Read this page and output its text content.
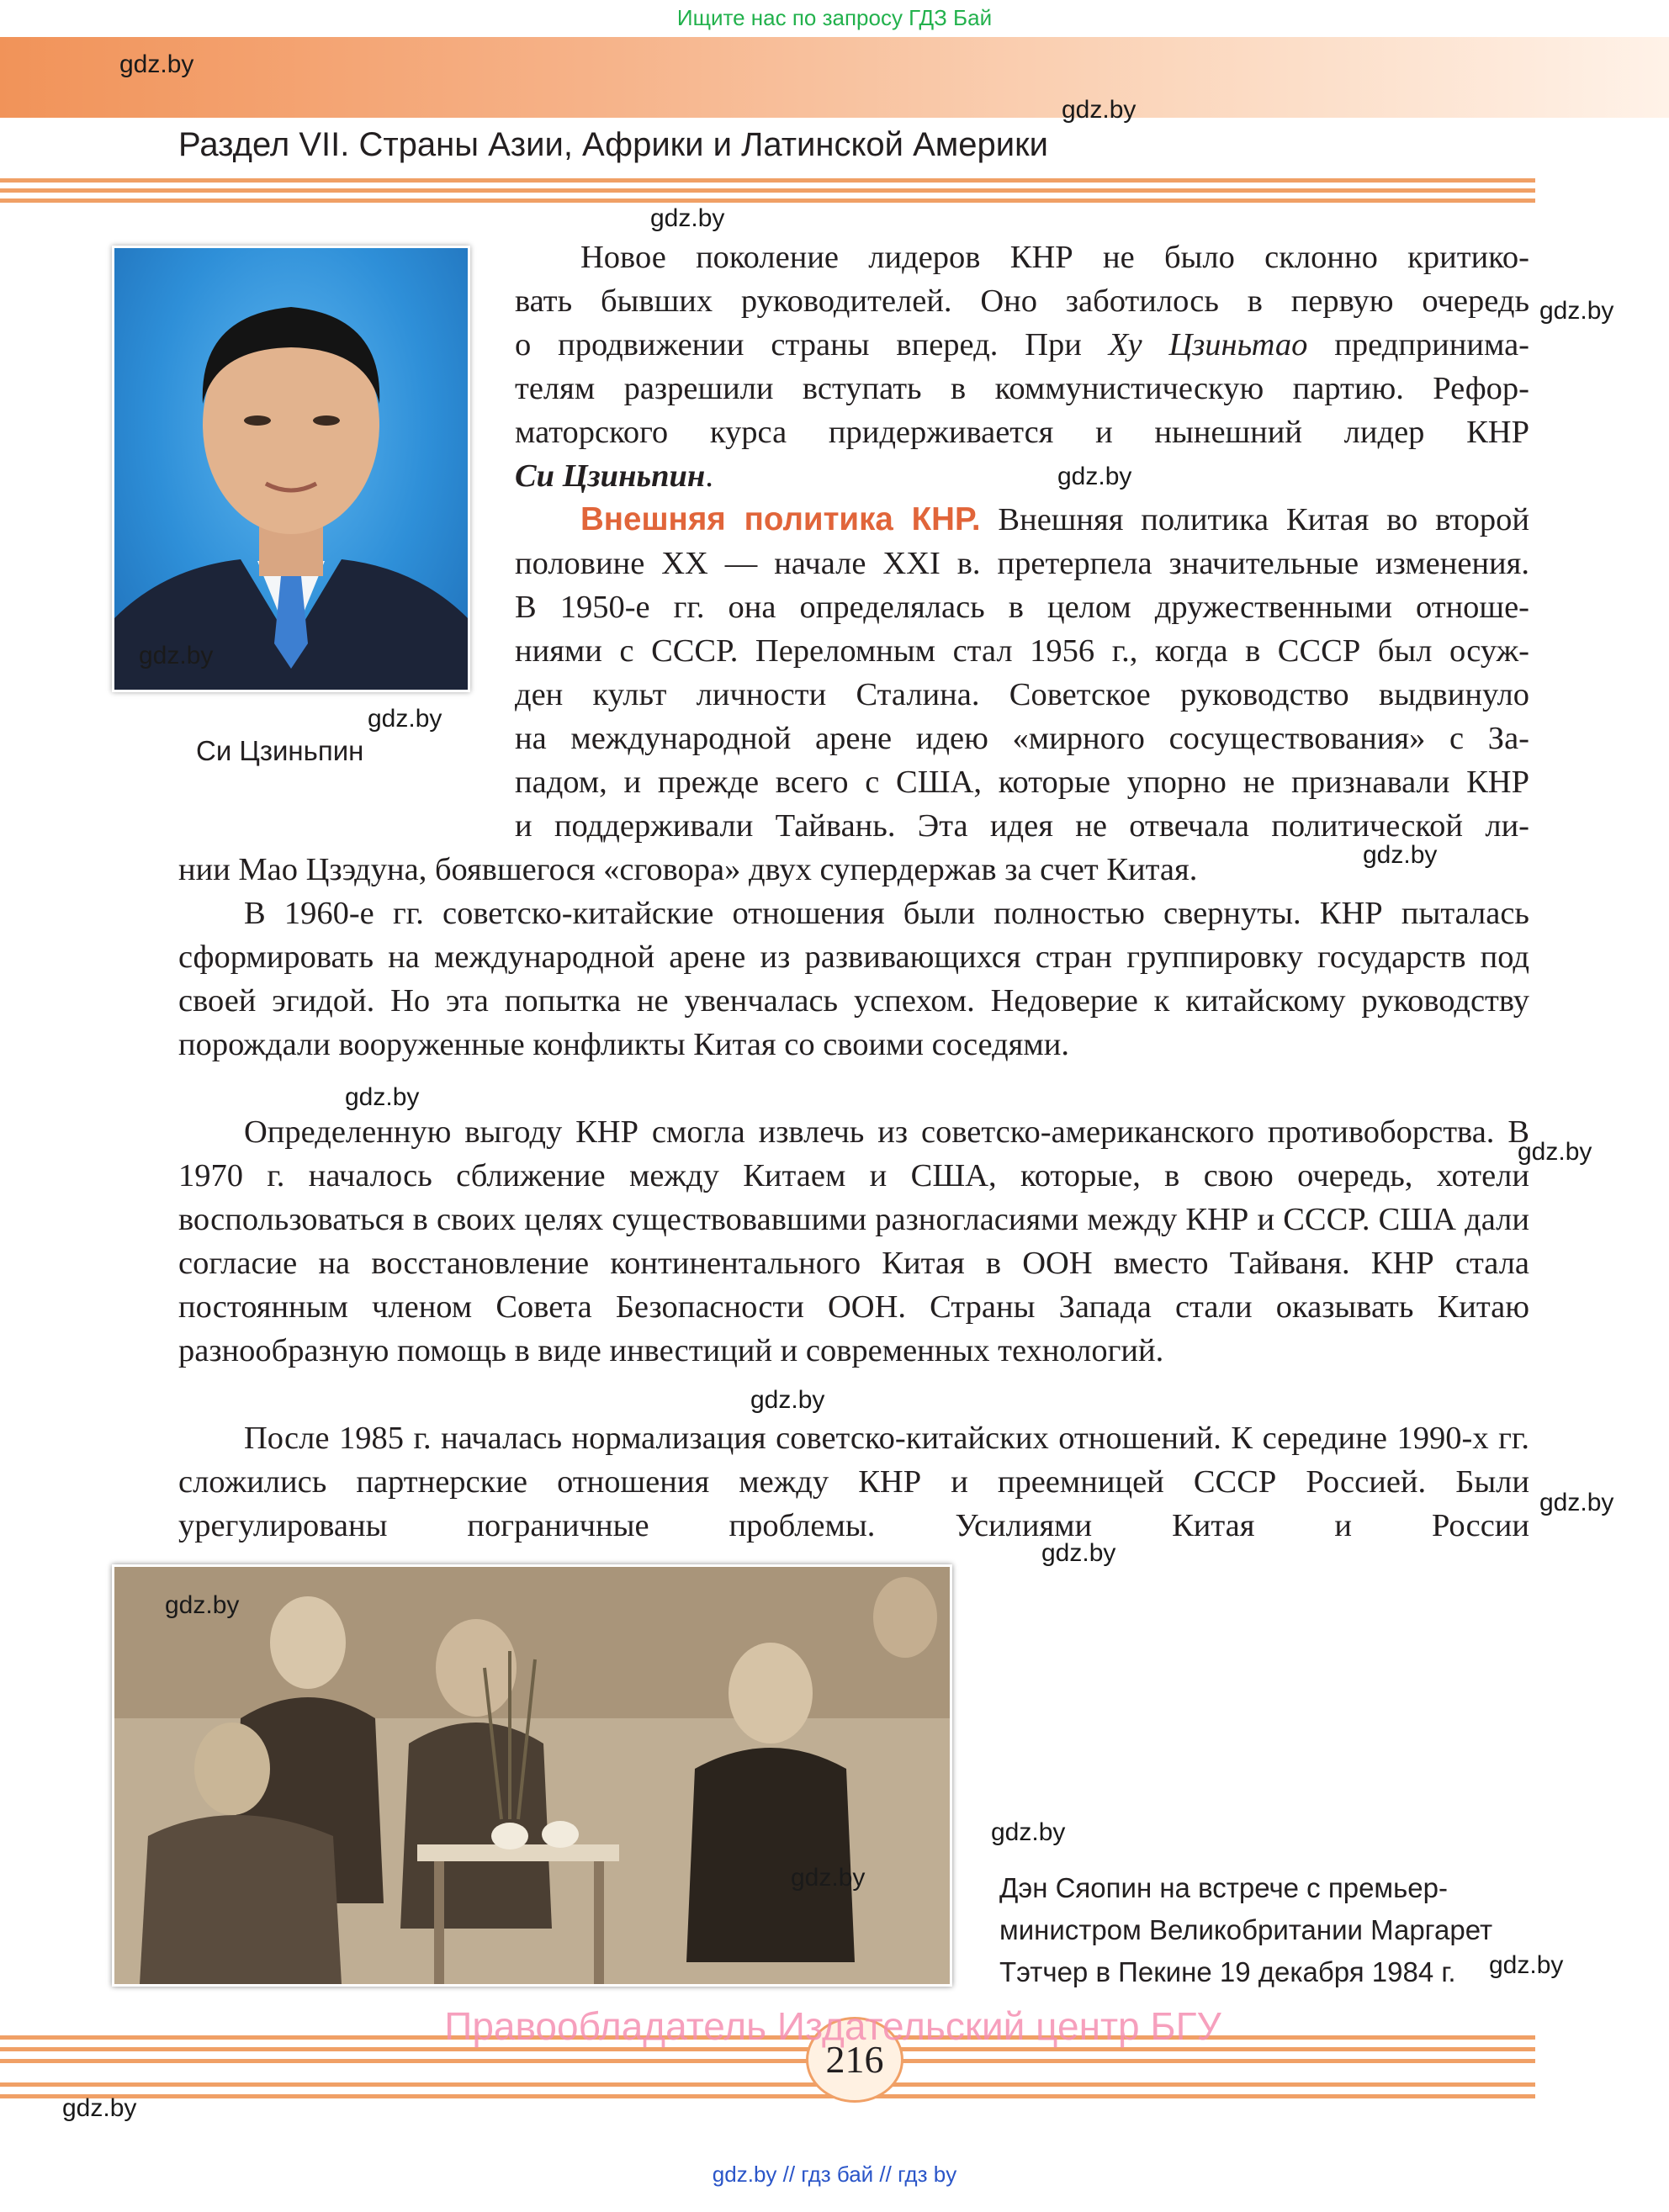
Ищите нас по запросу ГДЗ Бай
Раздел VII. Страны Азии, Африки и Латинской Америки
Си Цзиньпин

Новое поколение лидеров КНР не было склонно критико-

вать бывших руководителей. Оно заботилось в первую очередь

о продвижении страны вперед. При Ху Цзиньтао предпринима-

телям разрешили вступать в коммунистическую партию. Рефор-

маторского курса придерживается и нынешний лидер КНР

Си Цзиньпин.

Внешняя политика КНР. Внешняя политика Китая во второй

половине XX — начале XXI в. претерпела значительные изменения.

В 1950-е гг. она определялась в целом дружественными отноше-

ниями с СССР. Переломным стал 1956 г., когда в СССР был осуж-

ден культ личности Сталина. Советское руководство выдвинуло

на международной арене идею «мирного сосуществования» с За-

падом, и прежде всего с США, которые упорно не признавали КНР

и поддерживали Тайвань. Эта идея не отвечала политической ли-

нии Мао Цзэдуна, боявшегося «сговора» двух супердержав за счет Китая.

В 1960-е гг. советско-китайские отношения были полностью свернуты. КНР пыталась сформировать на международной арене из развивающихся стран группировку государств под своей эгидой. Но эта попытка не увенчалась успехом. Недоверие к китайскому руководству порождали вооруженные конфликты Китая со своими соседями.

Определенную выгоду КНР смогла извлечь из советско-американского противоборства. В 1970 г. началось сближение между Китаем и США, которые, в свою очередь, хотели воспользоваться в своих целях существовавшими разногласиями между КНР и СССР. США дали согласие на восстановление континентального Китая в ООН вместо Тайваня. КНР стала постоянным членом Совета Безопасности ООН. Страны Запада стали оказывать Китаю разнообразную помощь в виде инвестиций и современных технологий.

После 1985 г. началась нормализация советско-китайских отношений. К середине 1990-х гг. сложились партнерские отношения между КНР и преемницей СССР Россией. Были урегулированы пограничные проблемы. Усилиями Китая и России

Дэн Сяопин на встрече с премьер-
министром Великобритании Маргарет
Тэтчер в Пекине 19 декабря 1984 г.
216
Правообладатель Издательский центр БГУ
gdz.by // гдз бай // гдз by
gdz.by
gdz.by
gdz.by
gdz.by
gdz.by
gdz.by
gdz.by
gdz.by
gdz.by
gdz.by
gdz.by
gdz.by
gdz.by
gdz.by
gdz.by
gdz.by
gdz.by
gdz.by
